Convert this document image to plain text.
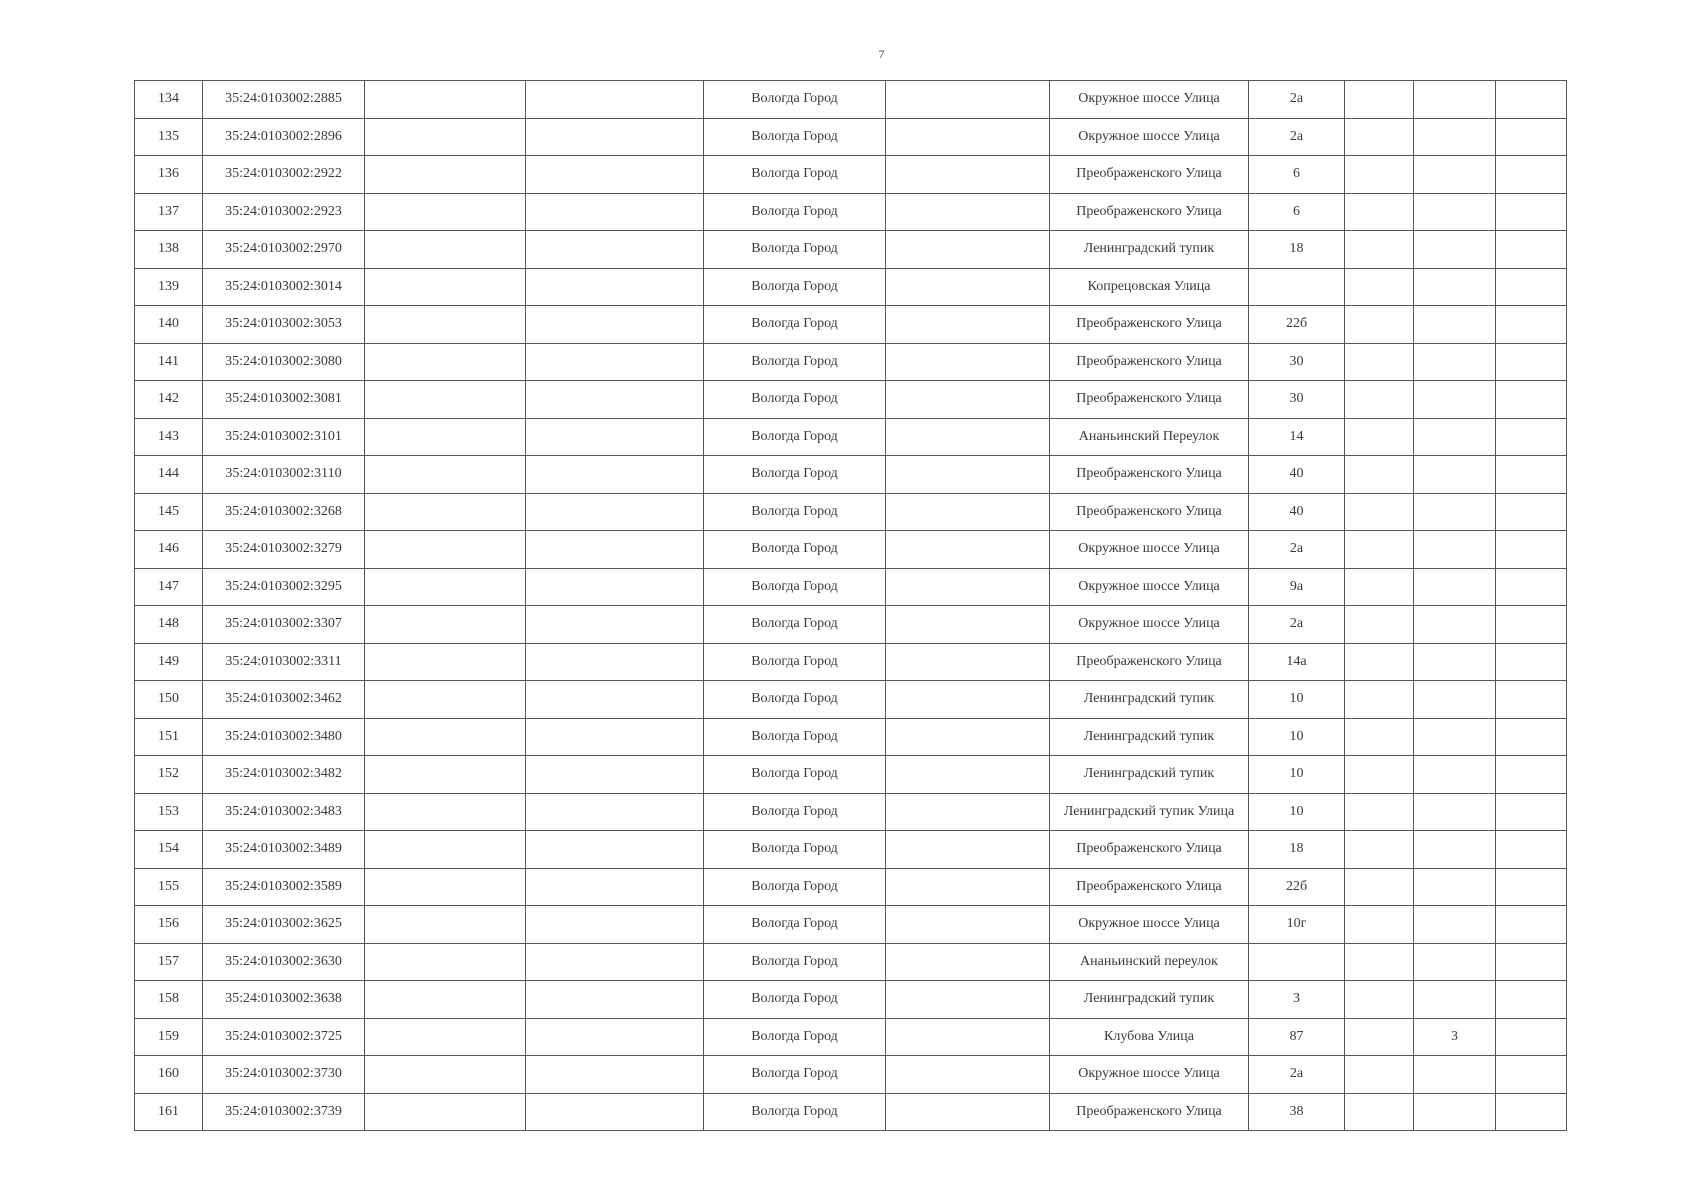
7
134	35:24:0103002:2885			Вологда Город		Окружное шоссе Улица	2а			
135	35:24:0103002:2896			Вологда Город		Окружное шоссе Улица	2а			
136	35:24:0103002:2922			Вологда Город		Преображенского Улица	6			
137	35:24:0103002:2923			Вологда Город		Преображенского Улица	6			
138	35:24:0103002:2970			Вологда Город		Ленинградский тупик	18			
139	35:24:0103002:3014			Вологда Город		Копрецовская Улица				
140	35:24:0103002:3053			Вологда Город		Преображенского Улица	22б			
141	35:24:0103002:3080			Вологда Город		Преображенского Улица	30			
142	35:24:0103002:3081			Вологда Город		Преображенского Улица	30			
143	35:24:0103002:3101			Вологда Город		Ананьинский Переулок	14			
144	35:24:0103002:3110			Вологда Город		Преображенского Улица	40			
145	35:24:0103002:3268			Вологда Город		Преображенского Улица	40			
146	35:24:0103002:3279			Вологда Город		Окружное шоссе Улица	2а			
147	35:24:0103002:3295			Вологда Город		Окружное шоссе Улица	9а			
148	35:24:0103002:3307			Вологда Город		Окружное шоссе Улица	2а			
149	35:24:0103002:3311			Вологда Город		Преображенского Улица	14а			
150	35:24:0103002:3462			Вологда Город		Ленинградский тупик	10			
151	35:24:0103002:3480			Вологда Город		Ленинградский тупик	10			
152	35:24:0103002:3482			Вологда Город		Ленинградский тупик	10			
153	35:24:0103002:3483			Вологда Город		Ленинградский тупик Улица	10			
154	35:24:0103002:3489			Вологда Город		Преображенского Улица	18			
155	35:24:0103002:3589			Вологда Город		Преображенского Улица	22б			
156	35:24:0103002:3625			Вологда Город		Окружное шоссе Улица	10г			
157	35:24:0103002:3630			Вологда Город		Ананьинский переулок				
158	35:24:0103002:3638			Вологда Город		Ленинградский тупик	3			
159	35:24:0103002:3725			Вологда Город		Клубова Улица	87		3	
160	35:24:0103002:3730			Вологда Город		Окружное шоссе Улица	2а			
161	35:24:0103002:3739			Вологда Город		Преображенского Улица	38			
